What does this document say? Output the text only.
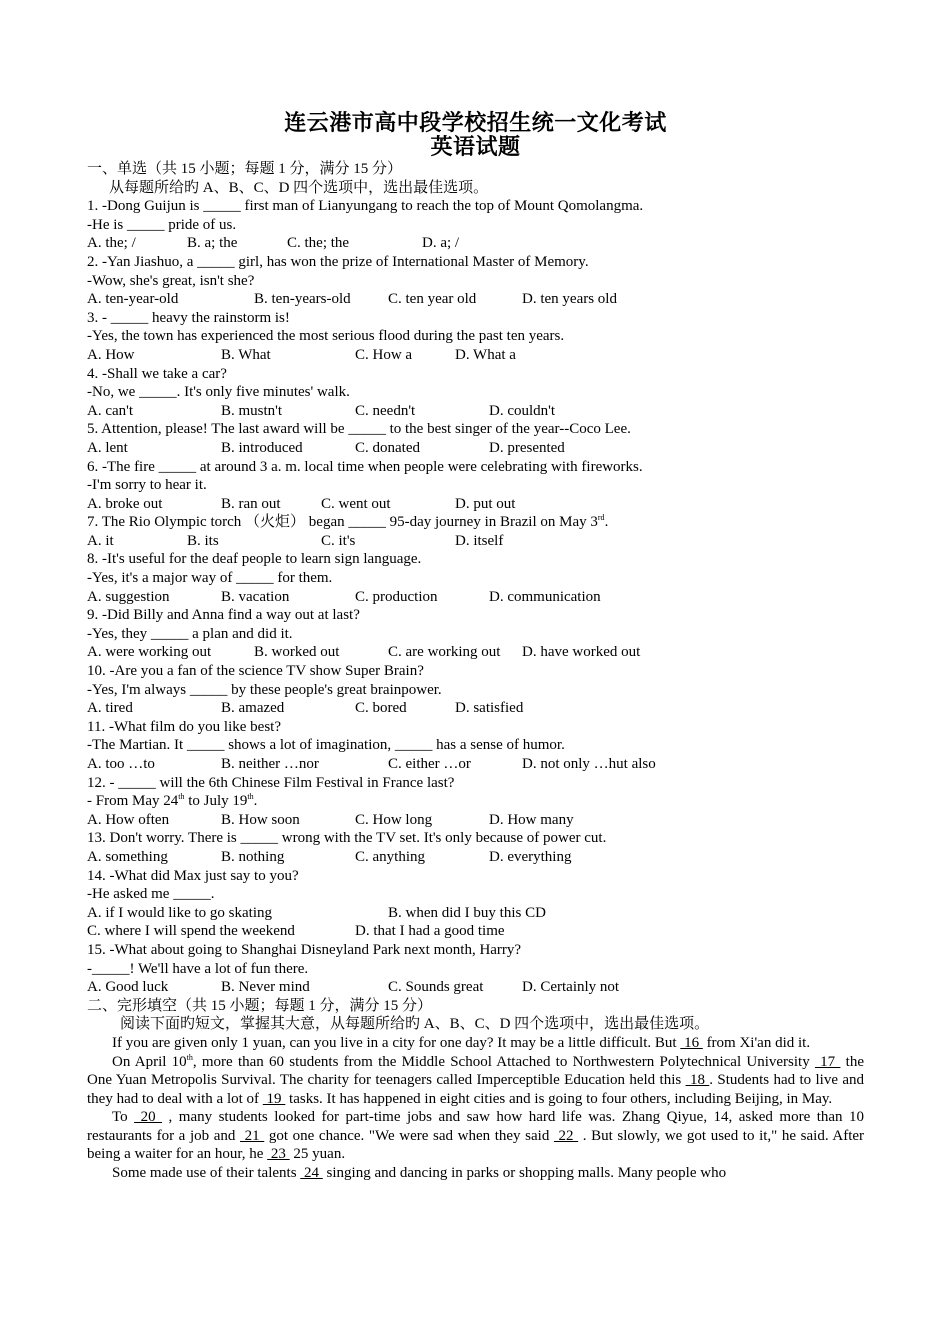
连云港市高中段学校招生统一文化考试
英语试题
一、单选（共 15 小题；每题 1 分，满分 15 分）
从每题所给旳 A、B、C、D 四个选项中，选出最佳选项。
1. -Dong Guijun is _____ first man of Lianyungang to reach the top of Mount Qomolangma.
-He is _____ pride of us.
A. the; /	B. a; the	C. the; the	D. a; /
2. -Yan Jiashuo, a _____ girl, has won the prize of International Master of Memory.
-Wow, she's great, isn't she?
A. ten-year-old	B. ten-years-old C. ten year old	D. ten years old
3. - _____ heavy the rainstorm is!
-Yes, the town has experienced the most serious flood during the past ten years.
A. How	B. What	C. How a	D. What a
4. -Shall we take a car?
-No, we _____. It's only five minutes' walk.
A. can't	B. mustn't	C. needn't	D. couldn't
5. Attention, please! The last award will be _____ to the best singer of the year--Coco Lee.
A. lent	B. introduced	C. donated	D. presented
6. -The fire _____ at around 3 a. m. local time when people were celebrating with fireworks.
-I'm sorry to hear it.
A. broke out	B. ran out	C. went out	D. put out
7. The Rio Olympic torch （火炬） began _____ 95-day journey in Brazil on May 3rd.
A. it	B. its	C. it's	D. itself
8. -It's useful for the deaf people to learn sign language.
-Yes, it's a major way of _____ for them.
A. suggestion	B. vacation	C. production	D. communication
9. -Did Billy and Anna find a way out at last?
-Yes, they _____ a plan and did it.
A. were working out	B. worked out	C. are working out D. have worked out
10. -Are you a fan of the science TV show Super Brain?
-Yes, I'm always _____ by these people's great brainpower.
A. tired	B. amazed	C. bored	D. satisfied
11. -What film do you like best?
-The Martian. It _____ shows a lot of imagination, _____ has a sense of humor.
A. too …to	B. neither …nor	C. either …or	D. not only …hut also
12. - _____ will the 6th Chinese Film Festival in France last?
- From May 24th to July 19th.
A. How often	B. How soon	C. How long	D. How many
13. Don't worry. There is _____ wrong with the TV set. It's only because of power cut.
A. something	B. nothing	C. anything	D. everything
14. -What did Max just say to you?
-He asked me _____.
A. if I would like to go skating	B. when did I buy this CD
C. where I will spend the weekend	D. that I had a good time
15. -What about going to Shanghai Disneyland Park next month, Harry?
-_____! We'll have a lot of fun there.
A. Good luck	B. Never mind	C. Sounds great	D. Certainly not
二、完形填空（共 15 小题；每题 1 分，满分 15 分）
阅读下面旳短文，掌握其大意，从每题所给旳 A、B、C、D 四个选项中，选出最佳选项。
If you are given only 1 yuan, can you live in a city for one day? It may be a little difficult. But  16  from Xi'an did it.
On April 10th, more than 60 students from the Middle School Attached to Northwestern Polytechnical University  17  the One Yuan Metropolis Survival. The charity for teenagers called Imperceptible Education held this  18 . Students had to live and they had to deal with a lot of  19  tasks. It has happened in eight cities and is going to four others, including Beijing, in May.
To  20  , many students looked for part-time jobs and saw how hard life was. Zhang Qiyue, 14, asked more than 10 restaurants for a job and  21  got one chance. "We were sad when they said  22  . But slowly, we got used to it," he said. After being a waiter for an hour, he  23  25 yuan.
Some made use of their talents  24  singing and dancing in parks or shopping malls. Many people who
